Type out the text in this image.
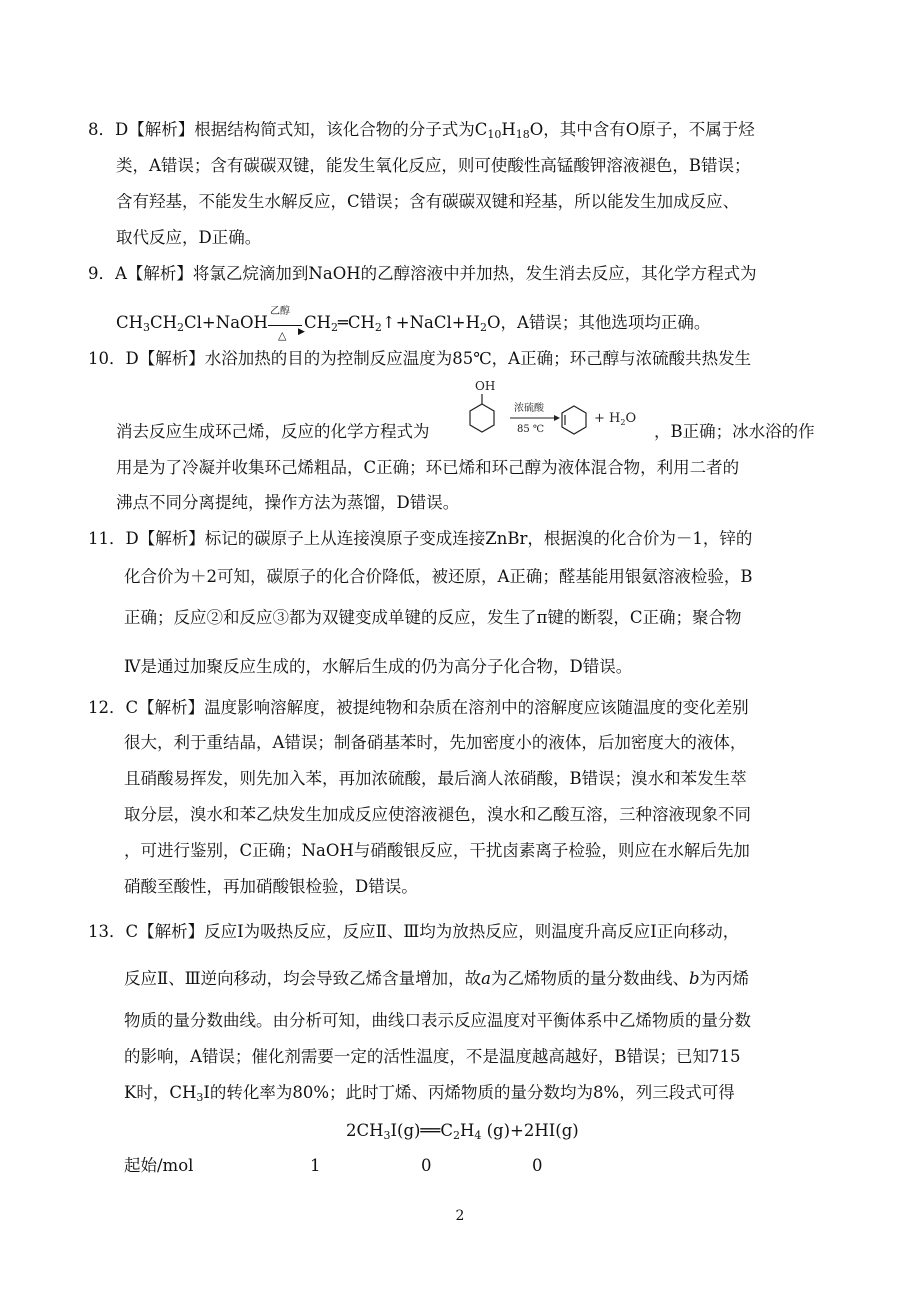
8．D【解析】根据结构简式知，该化合物的分子式为$C_{10}H_{18}O$，其中含有O原子，不属于烃
类，A错误；含有碳碳双键，能发生氧化反应，则可使酸性高锰酸钾溶液褪色，B错误；
含有羟基，不能发生水解反应，C错误；含有碳碳双键和羟基，所以能发生加成反应、
取代反应，D正确。
9．A【解析】将氯乙烷滴加到NaOH的乙醇溶液中并加热，发生消去反应，其化学方程式为
$CH_3CH_2Cl+NaOH$
乙醇
▶
△
$CH_2═CH_2↑+NaCl+H_2O$，A错误；其他选项均正确。
10．D【解析】水浴加热的目的为控制反应温度为85℃，A正确；环己醇与浓硫酸共热发生
OH
浓硫酸
85 ℃
+ $H_2O$
消去反应生成环己烯，反应的化学方程式为	，B正确；冰水浴的作
用是为了冷凝并收集环己烯粗品，C正确；环已烯和环己醇为液体混合物，利用二者的
沸点不同分离提纯，操作方法为蒸馏，D错误。
11．D【解析】标记的碳原子上从连接溴原子变成连接ZnBr，根据溴的化合价为－1，锌的
化合价为＋2可知，碳原子的化合价降低，被还原，A正确；醛基能用银氨溶液检验，B
正确；反应②和反应③都为双键变成单键的反应，发生了π键的断裂，C正确；聚合物
Ⅳ是通过加聚反应生成的，水解后生成的仍为高分子化合物，D错误。
12．C【解析】温度影响溶解度，被提纯物和杂质在溶剂中的溶解度应该随温度的变化差别
很大，利于重结晶，A错误；制备硝基苯时，先加密度小的液体，后加密度大的液体，
且硝酸易挥发，则先加入苯，再加浓硫酸，最后滴人浓硝酸，B错误；溴水和苯发生萃
取分层，溴水和苯乙炔发生加成反应使溶液褪色，溴水和乙酸互溶，三种溶液现象不同
，可进行鉴别，C正确；NaOH与硝酸银反应，干扰卤素离子检验，则应在水解后先加
硝酸至酸性，再加硝酸银检验，D错误。
13．C【解析】反应Ⅰ为吸热反应，反应Ⅱ、Ⅲ均为放热反应，则温度升高反应Ⅰ正向移动，
反应Ⅱ、Ⅲ逆向移动，均会导致乙烯含量增加，故a为乙烯物质的量分数曲线、b为丙烯
物质的量分数曲线。由分析可知，曲线口表示反应温度对平衡体系中乙烯物质的量分数
的影响，A错误；催化剂需要一定的活性温度，不是温度越高越好，B错误；已知715
K时，$CH_3I$的转化率为80%；此时丁烯、丙烯物质的量分数均为8%，列三段式可得
$2CH_3I(g)══C_2H_4$ (g)+2HI(g)
起始/mol	1	0	0
2
